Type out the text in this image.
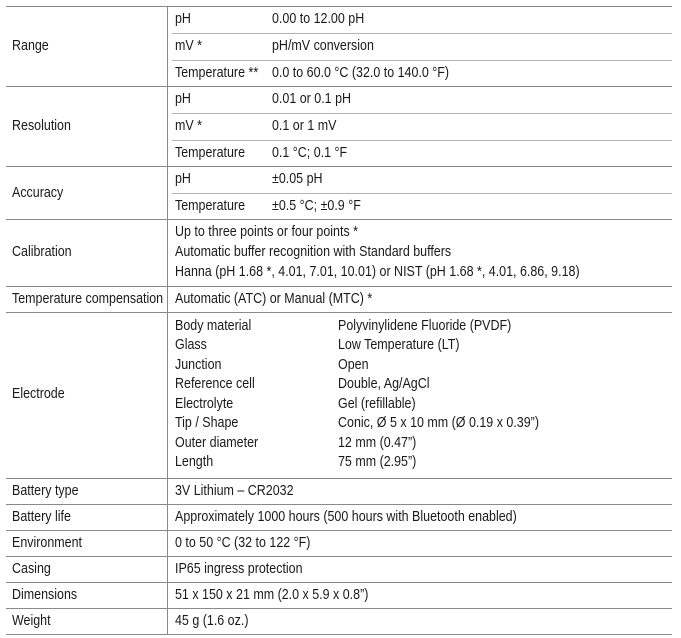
Range
pH	0.00 to 12.00 pH
mV *	pH/mV conversion
Temperature ** 0.0 to 60.0 °C (32.0 to 140.0 °F)
Resolution
pH	0.01 or 0.1 pH
mV *	0.1 or 1 mV
Temperature 0.1 °C; 0.1 °F
Accuracy
pH	±0.05 pH
Temperature ±0.5 °C; ±0.9 °F
Calibration
Up to three points or four points *
Automatic buffer recognition with Standard buffers
Hanna (pH 1.68 *, 4.01, 7.01, 10.01) or NIST (pH 1.68 *, 4.01, 6.86, 9.18)
Temperature compensation Automatic (ATC) or Manual (MTC) *
Electrode
Body material	Polyvinylidene Fluoride (PVDF)
Glass	Low Temperature (LT)
Junction	Open
Reference cell	Double, Ag/AgCl
Electrolyte	Gel (refillable)
Tip / Shape	Conic, Ø 5 x 10 mm (Ø 0.19 x 0.39”)
Outer diameter	12 mm (0.47”)
Length	75 mm (2.95”)
Battery type	3V Lithium – CR2032
Battery life	Approximately 1000 hours (500 hours with Bluetooth enabled)
Environment	0 to 50 °C (32 to 122 °F)
Casing	IP65 ingress protection
Dimensions	51 x 150 x 21 mm (2.0 x 5.9 x 0.8”)
Weight	45 g (1.6 oz.)
